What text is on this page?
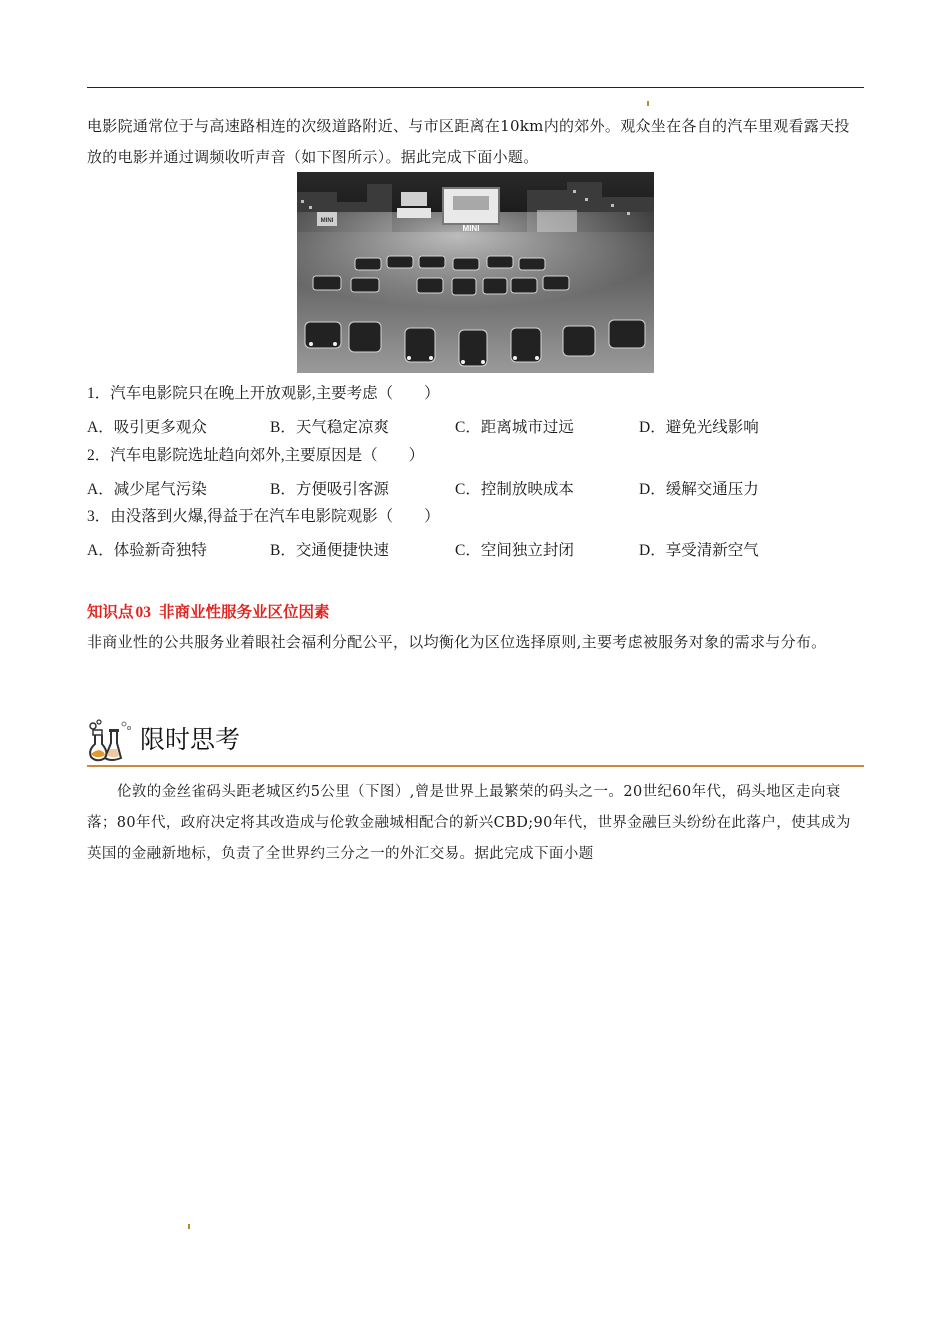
电影院通常位于与高速路相连的次级道路附近、与市区距离在10km内的郊外。观众坐在各自的汽车里观看露天投放的电影并通过调频收听声音（如下图所示）。据此完成下面小题。

MINI
MINI

1．汽车电影院只在晚上开放观影,主要考虑（　　）

A．吸引更多观众	B．天气稳定凉爽	C．距离城市过远	D．避免光线影响

2．汽车电影院选址趋向郊外,主要原因是（　　）

A．减少尾气污染	B．方便吸引客源	C．控制放映成本	D．缓解交通压力

3．由没落到火爆,得益于在汽车电影院观影（　　）

A．体验新奇独特	B．交通便捷快速	C．空间独立封闭	D．享受清新空气
知识点 03 非商业性服务业区位因素

非商业性的公共服务业着眼社会福利分配公平，以均衡化为区位选择原则,主要考虑被服务对象的需求与分布。

限时思考

伦敦的金丝雀码头距老城区约5公里（下图）,曾是世界上最繁荣的码头之一。20世纪60年代，码头地区走向衰落；80年代，政府决定将其改造成与伦敦金融城相配合的新兴CBD;90年代，世界金融巨头纷纷在此落户，使其成为英国的金融新地标，负责了全世界约三分之一的外汇交易。据此完成下面小题
